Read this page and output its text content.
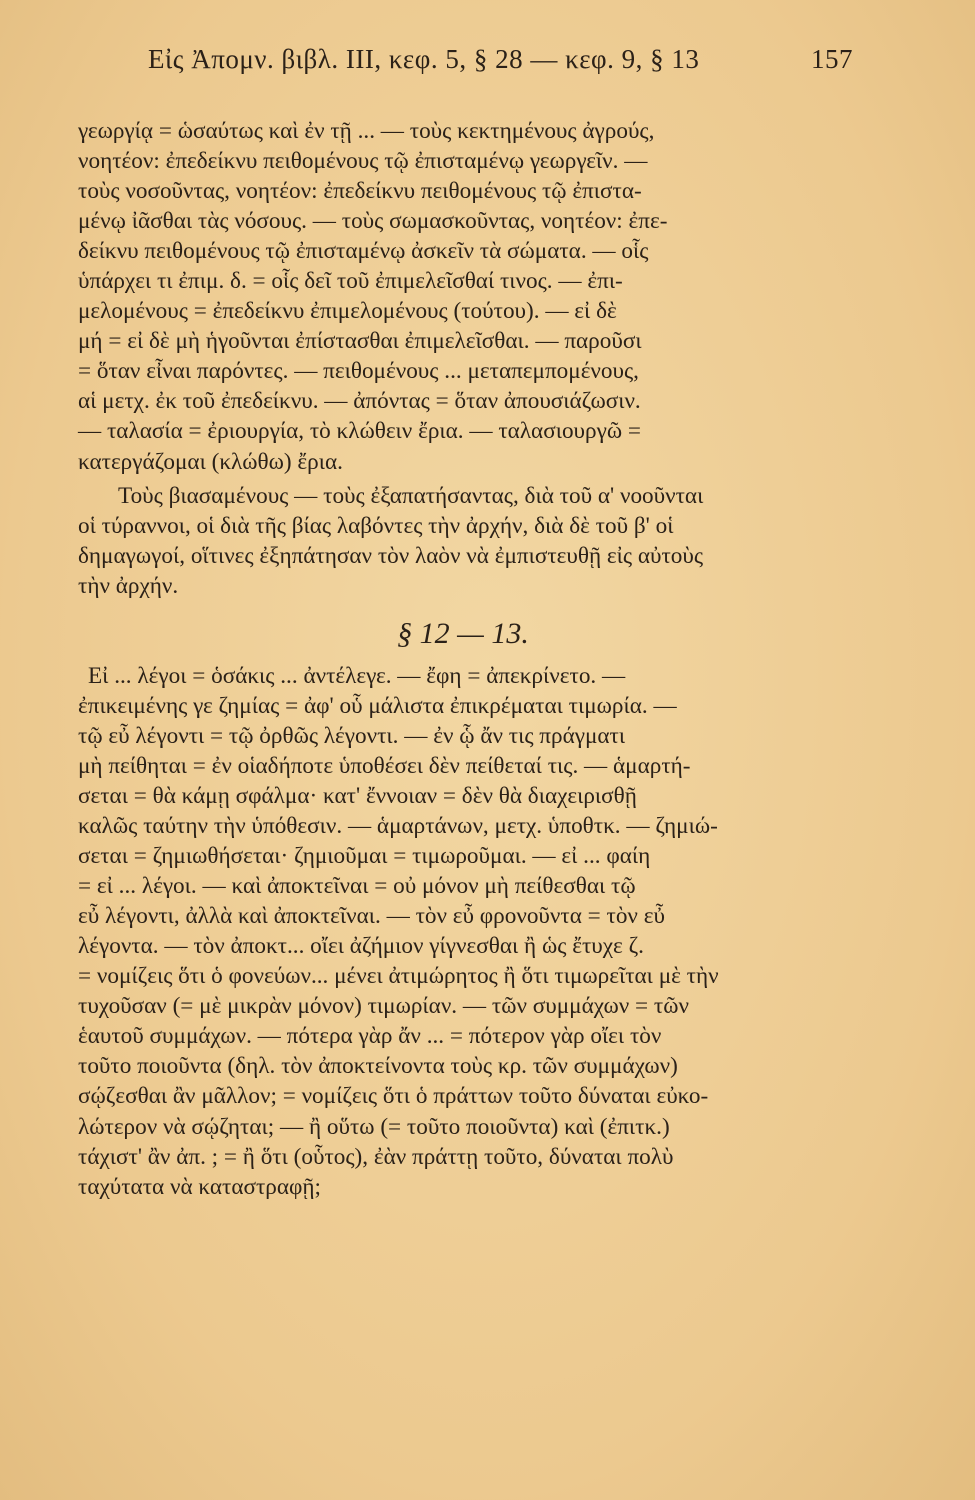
Εἰς Ἀπομν. βιβλ. III, κεφ. 5, § 28 — κεφ. 9, § 13	157

γεωργίᾳ = ὡσαύτως καὶ ἐν τῇ ... — τοὺς κεκτημένους ἀγρούς,
νοητέον: ἐπεδείκνυ πειθομένους τῷ ἐπισταμένῳ γεωργεῖν. —
τοὺς νοσοῦντας, νοητέον: ἐπεδείκνυ πειθομένους τῷ ἐπιστα-
μένῳ ἰᾶσθαι τὰς νόσους. — τοὺς σωμασκοῦντας, νοητέον: ἐπε-
δείκνυ πειθομένους τῷ ἐπισταμένῳ ἀσκεῖν τὰ σώματα. — οἷς
ὑπάρχει τι ἐπιμ. δ. = οἷς δεῖ τοῦ ἐπιμελεῖσθαί τινος. — ἐπι-
μελομένους = ἐπεδείκνυ ἐπιμελομένους (τούτου). — εἰ δὲ
μή = εἰ δὲ μὴ ἡγοῦνται ἐπίστασθαι ἐπιμελεῖσθαι. — παροῦσι
= ὅταν εἶναι παρόντες. — πειθομένους ... μεταπεμπομένους,
αἱ μετχ. ἐκ τοῦ ἐπεδείκνυ. — ἀπόντας = ὅταν ἀπουσιάζωσιν.
— ταλασία = ἐριουργία, τὸ κλώθειν ἔρια. — ταλασιουργῶ =
κατεργάζομαι (κλώθω) ἔρια.

Τοὺς βιασαμένους — τοὺς ἐξαπατήσαντας, διὰ τοῦ α' νοοῦνται
οἱ τύραννοι, οἱ διὰ τῆς βίας λαβόντες τὴν ἀρχήν, διὰ δὲ τοῦ β' οἱ
δημαγωγοί, οἵτινες ἐξηπάτησαν τὸν λαὸν νὰ ἐμπιστευθῇ εἰς αὐτοὺς
τὴν ἀρχήν.

§ 12 — 13.

Εἰ ... λέγοι = ὁσάκις ... ἀντέλεγε. — ἔφη = ἀπεκρίνετο. —
ἐπικειμένης γε ζημίας = ἀφ' οὗ μάλιστα ἐπικρέμαται τιμωρία. —
τῷ εὖ λέγοντι = τῷ ὀρθῶς λέγοντι. — ἐν ᾧ ἄν τις πράγματι
μὴ πείθηται = ἐν οἱαδήποτε ὑποθέσει δὲν πείθεταί τις. — ἁμαρτή-
σεται = θὰ κάμῃ σφάλμα· κατ' ἔννοιαν = δὲν θὰ διαχειρισθῇ
καλῶς ταύτην τὴν ὑπόθεσιν. — ἁμαρτάνων, μετχ. ὑποθτκ. — ζημιώ-
σεται = ζημιωθήσεται· ζημιοῦμαι = τιμωροῦμαι. — εἰ ... φαίη
= εἰ ... λέγοι. — καὶ ἀποκτεῖναι = οὐ μόνον μὴ πείθεσθαι τῷ
εὖ λέγοντι, ἀλλὰ καὶ ἀποκτεῖναι. — τὸν εὖ φρονοῦντα = τὸν εὖ
λέγοντα. — τὸν ἀποκτ... οἴει ἀζήμιον γίγνεσθαι ἢ ὡς ἔτυχε ζ.
= νομίζεις ὅτι ὁ φονεύων... μένει ἀτιμώρητος ἢ ὅτι τιμωρεῖται μὲ τὴν
τυχοῦσαν (= μὲ μικρὰν μόνον) τιμωρίαν. — τῶν συμμάχων = τῶν
ἑαυτοῦ συμμάχων. — πότερα γὰρ ἄν ... = πότερον γὰρ οἴει τὸν
τοῦτο ποιοῦντα (δηλ. τὸν ἀποκτείνοντα τοὺς κρ. τῶν συμμάχων)
σῴζεσθαι ἂν μᾶλλον; = νομίζεις ὅτι ὁ πράττων τοῦτο δύναται εὐκο-
λώτερον νὰ σῴζηται; — ἢ οὕτω (= τοῦτο ποιοῦντα) καὶ (ἐπιτκ.)
τάχιστ' ἂν ἀπ. ; = ἢ ὅτι (οὗτος), ἐὰν πράττῃ τοῦτο, δύναται πολὺ
ταχύτατα νὰ καταστραφῇ;
